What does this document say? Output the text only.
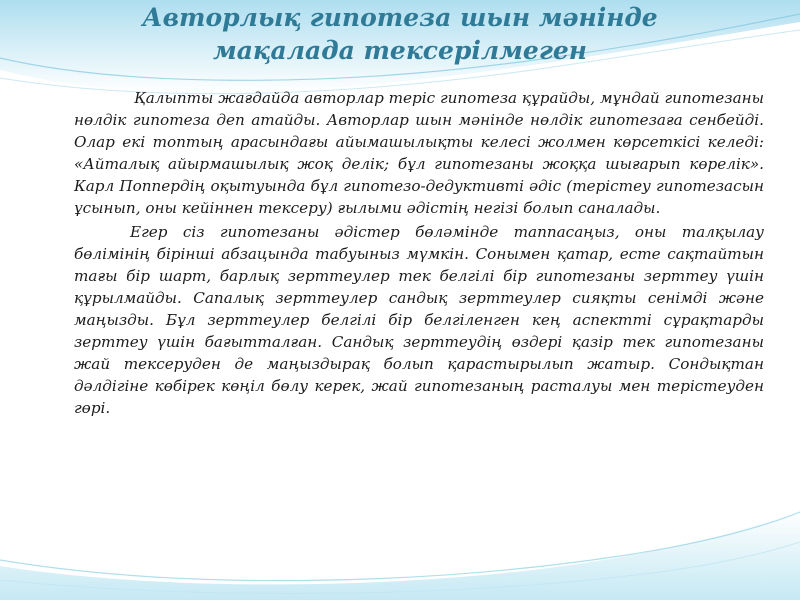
Авторлық гипотеза шын мәнінде
мақалада тексерілмеген

Қалыпты жағдайда авторлар теріс гипотеза құрайды, мұндай гипотезаны нөлдік гипотеза деп атайды. Авторлар шын мәнінде нөлдік гипотезаға сенбейді. Олар екі топтың арасындағы айымашылықты келесі жолмен көрсеткісі келеді: «Айталық айырмашылық жоқ делік; бұл гипотезаны жоққа шығарып көрелік». Карл Поппердің оқытуында бұл гипотезо-дедуктивті әдіс (терістеу гипотезасын ұсынып, оны кейіннен тексеру) ғылыми әдістің негізі болып саналады.

Егер сіз гипотезаны әдістер бөләмінде таппасаңыз, оны талқылау бөлімінің бірінші абзацында табуыныз мүмкін. Сонымен қатар, есте сақтайтын тағы бір шарт, барлық зерттеулер тек белгілі бір гипотезаны зерттеу үшін құрылмайды. Сапалық зерттеулер сандық зерттеулер сияқты сенімді және маңызды. Бұл зерттеулер белгілі бір белгіленген кең аспектті сұрақтарды зерттеу үшін бағытталған. Сандық зерттеудің өздері қазір тек гипотезаны жай тексеруден де маңыздырақ болып қарастырылып жатыр. Сондықтан дәлдігіне көбірек көңіл бөлу керек, жай гипотезаның расталуы мен терістеуден гөрі.
